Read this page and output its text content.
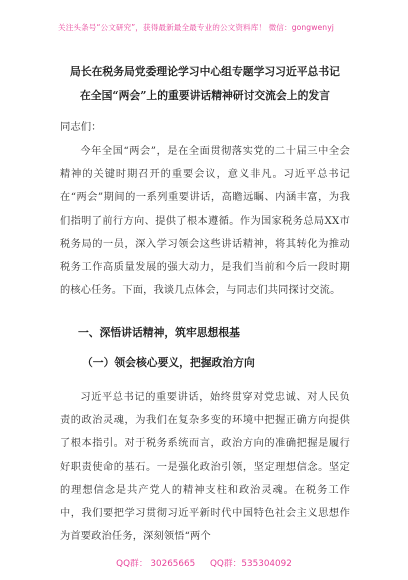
关注头条号“公文研究”，获得最新最全最专业的公文资料库！ 微信：gongwenyj
局长在税务局党委理论学习中心组专题学习习近平总书记
在全国“两会”上的重要讲话精神研讨交流会上的发言
同志们：
今年全国“两会”，是在全面贯彻落实党的二十届三中全会精神的关键时期召开的重要会议，意义非凡。习近平总书记在“两会”期间的一系列重要讲话，高瞻远瞩、内涵丰富，为我们指明了前行方向、提供了根本遵循。作为国家税务总局XX市税务局的一员，深入学习领会这些讲话精神，将其转化为推动税务工作高质量发展的强大动力，是我们当前和今后一段时期的核心任务。下面，我谈几点体会，与同志们共同探讨交流。
一、深悟讲话精神，筑牢思想根基
（一）领会核心要义，把握政治方向
习近平总书记的重要讲话，始终贯穿对党忠诚、对人民负责的政治灵魂，为我们在复杂多变的环境中把握正确方向提供了根本指引。对于税务系统而言，政治方向的准确把握是履行好职责使命的基石。一是强化政治引领，坚定理想信念。坚定的理想信念是共产党人的精神支柱和政治灵魂。在税务工作中，我们要把学习贯彻习近平新时代中国特色社会主义思想作为首要政治任务，深刻领悟“两个
QQ群： 30265665 QQ群：535304092
